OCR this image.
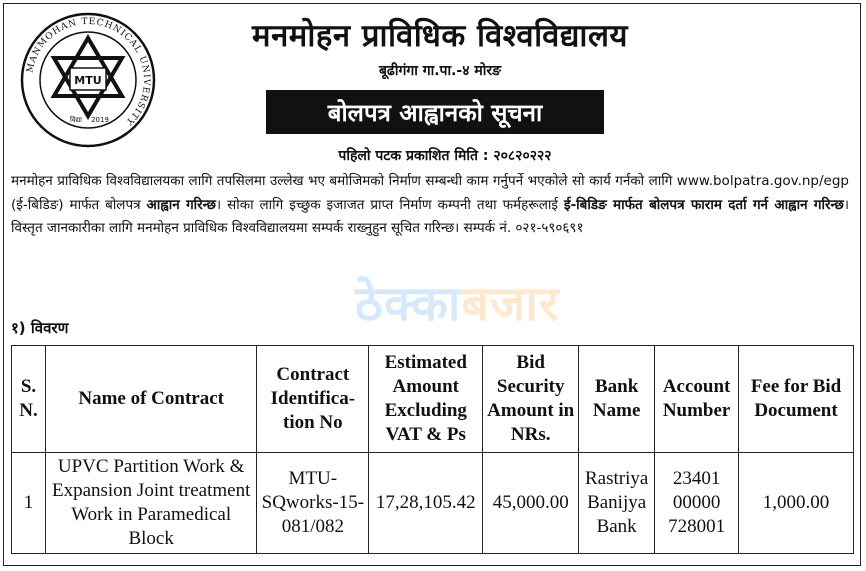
MANMOHAN TECHNICAL UNIVERSITY
MTU
विद्या 2019
मनमोहन प्राविधिक विश्वविद्यालय
बूढीगंगा गा.पा.-४ मोरङ
बोलपत्र आह्वानको सूचना
पहिलो पटक प्रकाशित मिति : २०८२०२२२
मनमोहन प्राविधिक विश्वविद्यालयका लागि तपसिलमा उल्लेख भए बमोजिमको निर्माण सम्बन्धी काम गर्नुपर्ने भएकोले सो कार्य गर्नको लागि www.bolpatra.gov.np/egp (ई-बिडिङ) मार्फत बोलपत्र आह्वान गरिन्छ। सोका लागि इच्छुक इजाजत प्राप्त निर्माण कम्पनी तथा फर्महरूलाई ई-बिडिङ मार्फत बोलपत्र फाराम दर्ता गर्न आह्वान गरिन्छ। विस्तृत जानकारीका लागि मनमोहन प्राविधिक विश्वविद्यालयमा सम्पर्क राख्नुहुन सूचित गरिन्छ। सम्पर्क नं. ०२१-५९०६९१
ठेक्काबजार
१) विवरण
S. N.	Name of Contract	Contract Identifica-tion No	Estimated Amount Excluding VAT & Ps	Bid Security Amount in NRs.	Bank Name	Account Number	Fee for Bid Document
1	UPVC Partition Work & Expansion Joint treatment Work in Paramedical Block	MTU-SQworks-15-081/082	17,28,105.42	45,000.00	Rastriya Banijya Bank	23401 00000 728001	1,000.00
